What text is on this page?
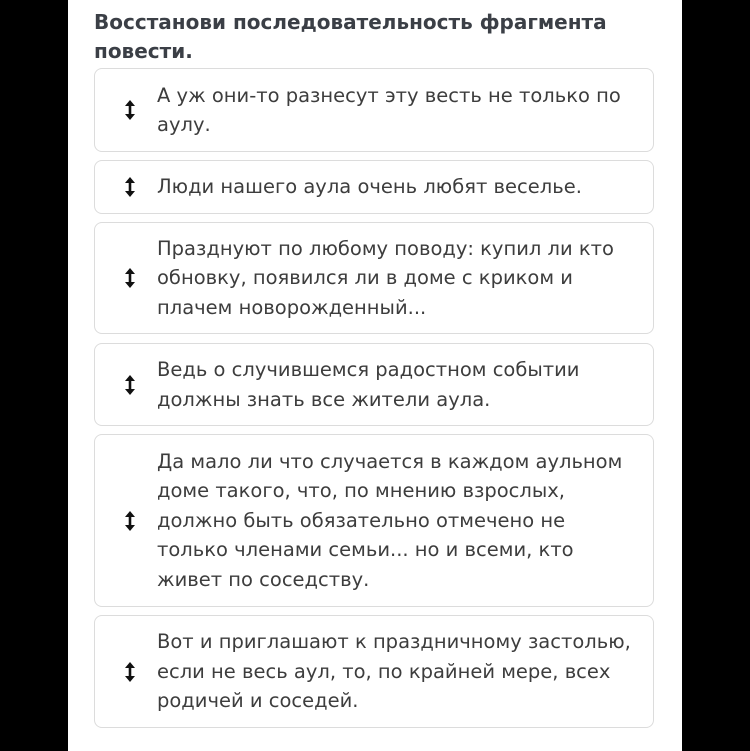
Восстанови последовательность фрагмента повести.
А уж они-то разнесут эту весть не только по аулу.
Люди нашего аула очень любят веселье.
Празднуют по любому поводу: купил ли кто обновку, появился ли в доме с криком и плачем новорожденный...
Ведь о случившемся радостном событии должны знать все жители аула.
Да мало ли что случается в каждом аульном доме такого, что, по мнению взрослых, должно быть обязательно отмечено не только членами семьи... но и всеми, кто живет по соседству.
Вот и приглашают к праздничному застолью, если не весь аул, то, по крайней мере, всех родичей и соседей.
